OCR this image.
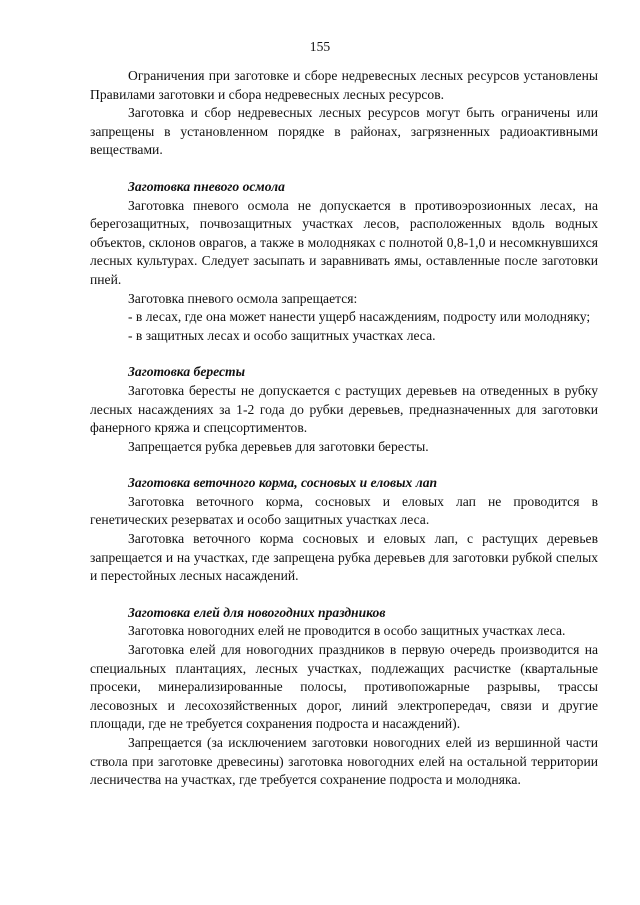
155

Ограничения при заготовке и сборе недревесных лесных ресурсов установлены Правилами заготовки и сбора недревесных лесных ресурсов.

Заготовка и сбор недревесных лесных ресурсов могут быть ограничены или запрещены в установленном порядке в районах, загрязненных радиоактивными веществами.

Заготовка пневого осмола

Заготовка пневого осмола не допускается в противоэрозионных лесах, на берегозащитных, почвозащитных участках лесов, расположенных вдоль водных объектов, склонов оврагов, а также в молодняках с полнотой 0,8-1,0 и несомкнувшихся лесных культурах. Следует засыпать и заравнивать ямы, оставленные после заготовки пней.

Заготовка пневого осмола запрещается:

- в лесах, где она может нанести ущерб насаждениям, подросту или молодняку;

- в защитных лесах и особо защитных участках леса.

Заготовка бересты

Заготовка бересты не допускается с растущих деревьев на отведенных в рубку лесных насаждениях за 1-2 года до рубки деревьев, предназначенных для заготовки фанерного кряжа и спецсортиментов.

Запрещается рубка деревьев для заготовки бересты.

Заготовка веточного корма, сосновых и еловых лап

Заготовка веточного корма, сосновых и еловых лап не проводится в генетических резерватах и особо защитных участках леса.

Заготовка веточного корма сосновых и еловых лап, с растущих деревьев запрещается и на участках, где запрещена рубка деревьев для заготовки рубкой спелых и перестойных лесных насаждений.

Заготовка елей для новогодних праздников

Заготовка новогодних елей не проводится в особо защитных участках леса.

Заготовка елей для новогодних праздников в первую очередь производится на специальных плантациях, лесных участках, подлежащих расчистке (квартальные просеки, минерализированные полосы, противопожарные разрывы, трассы лесовозных и лесохозяйственных дорог, линий электропередач, связи и другие площади, где не требуется сохранения подроста и насаждений).

Запрещается (за исключением заготовки новогодних елей из вершинной части ствола при заготовке древесины) заготовка новогодних елей на остальной территории лесничества на участках, где требуется сохранение подроста и молодняка.
